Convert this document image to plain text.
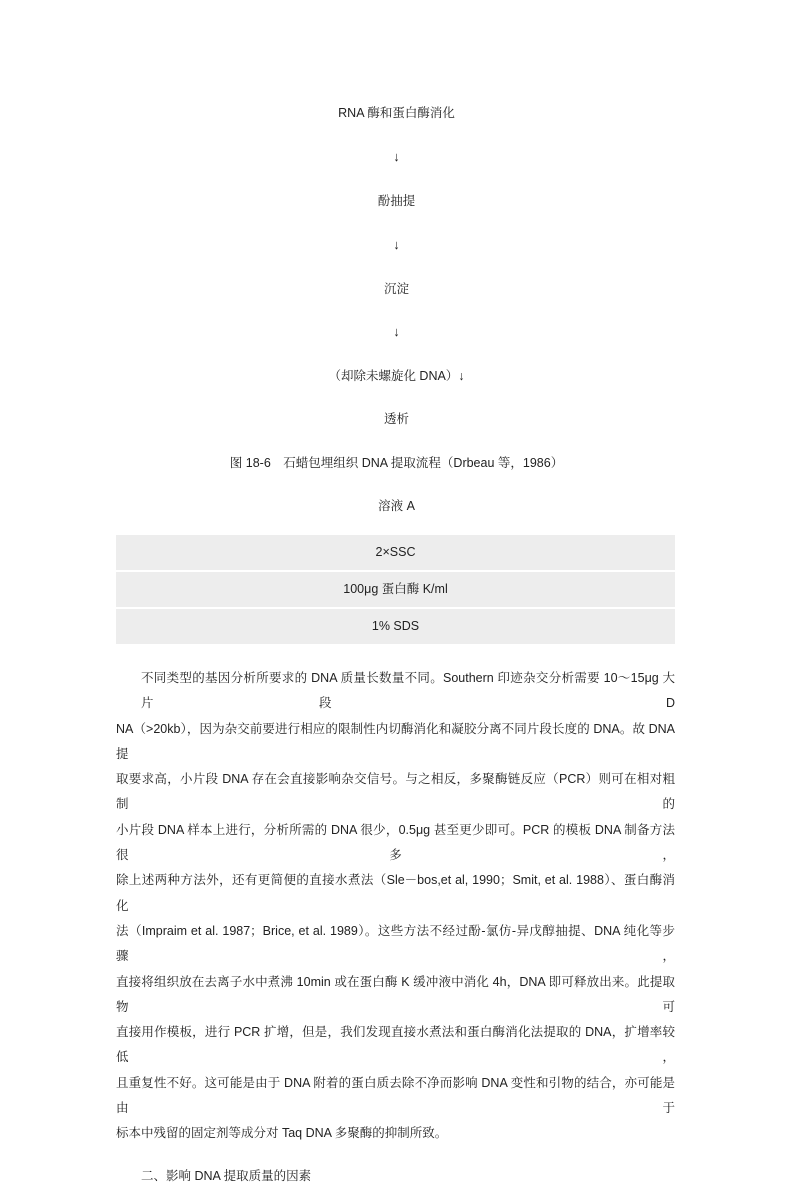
RNA 酶和蛋白酶消化
↓
酚抽提
↓
沉淀
↓
（却除未螺旋化 DNA）↓
透析
图 18-6　石蜡包埋组织 DNA 提取流程（Drbeau 等，1986）
溶液 A
2×SSC
100μg 蛋白酶 K/ml
1% SDS
不同类型的基因分析所要求的 DNA 质量长数量不同。Southern 印迹杂交分析需要 10～15μg 大片段 D
NA（>20kb），因为杂交前要进行相应的限制性内切酶消化和凝胶分离不同片段长度的 DNA。故 DNA 提
取要求高，小片段 DNA 存在会直接影响杂交信号。与之相反，多聚酶链反应（PCR）则可在相对粗制的
小片段 DNA 样本上进行，分析所需的 DNA 很少，0.5μg 甚至更少即可。PCR 的模板 DNA 制备方法很多，
除上述两种方法外，还有更简便的直接水煮法（Sle－bos,et al, 1990；Smit, et al. 1988）、蛋白酶消化
法（Impraim et al. 1987；Brice, et al. 1989）。这些方法不经过酚-氯仿-异戊醇抽提、DNA 纯化等步骤，
直接将组织放在去离子水中煮沸 10min 或在蛋白酶 K 缓冲液中消化 4h，DNA 即可释放出来。此提取物可
直接用作模板，进行 PCR 扩增，但是，我们发现直接水煮法和蛋白酶消化法提取的 DNA，扩增率较低，
且重复性不好。这可能是由于 DNA 附着的蛋白质去除不净而影响 DNA 变性和引物的结合，亦可能是由于
标本中残留的固定剂等成分对 Taq DNA 多聚酶的抑制所致。
二、影响 DNA 提取质量的因素
